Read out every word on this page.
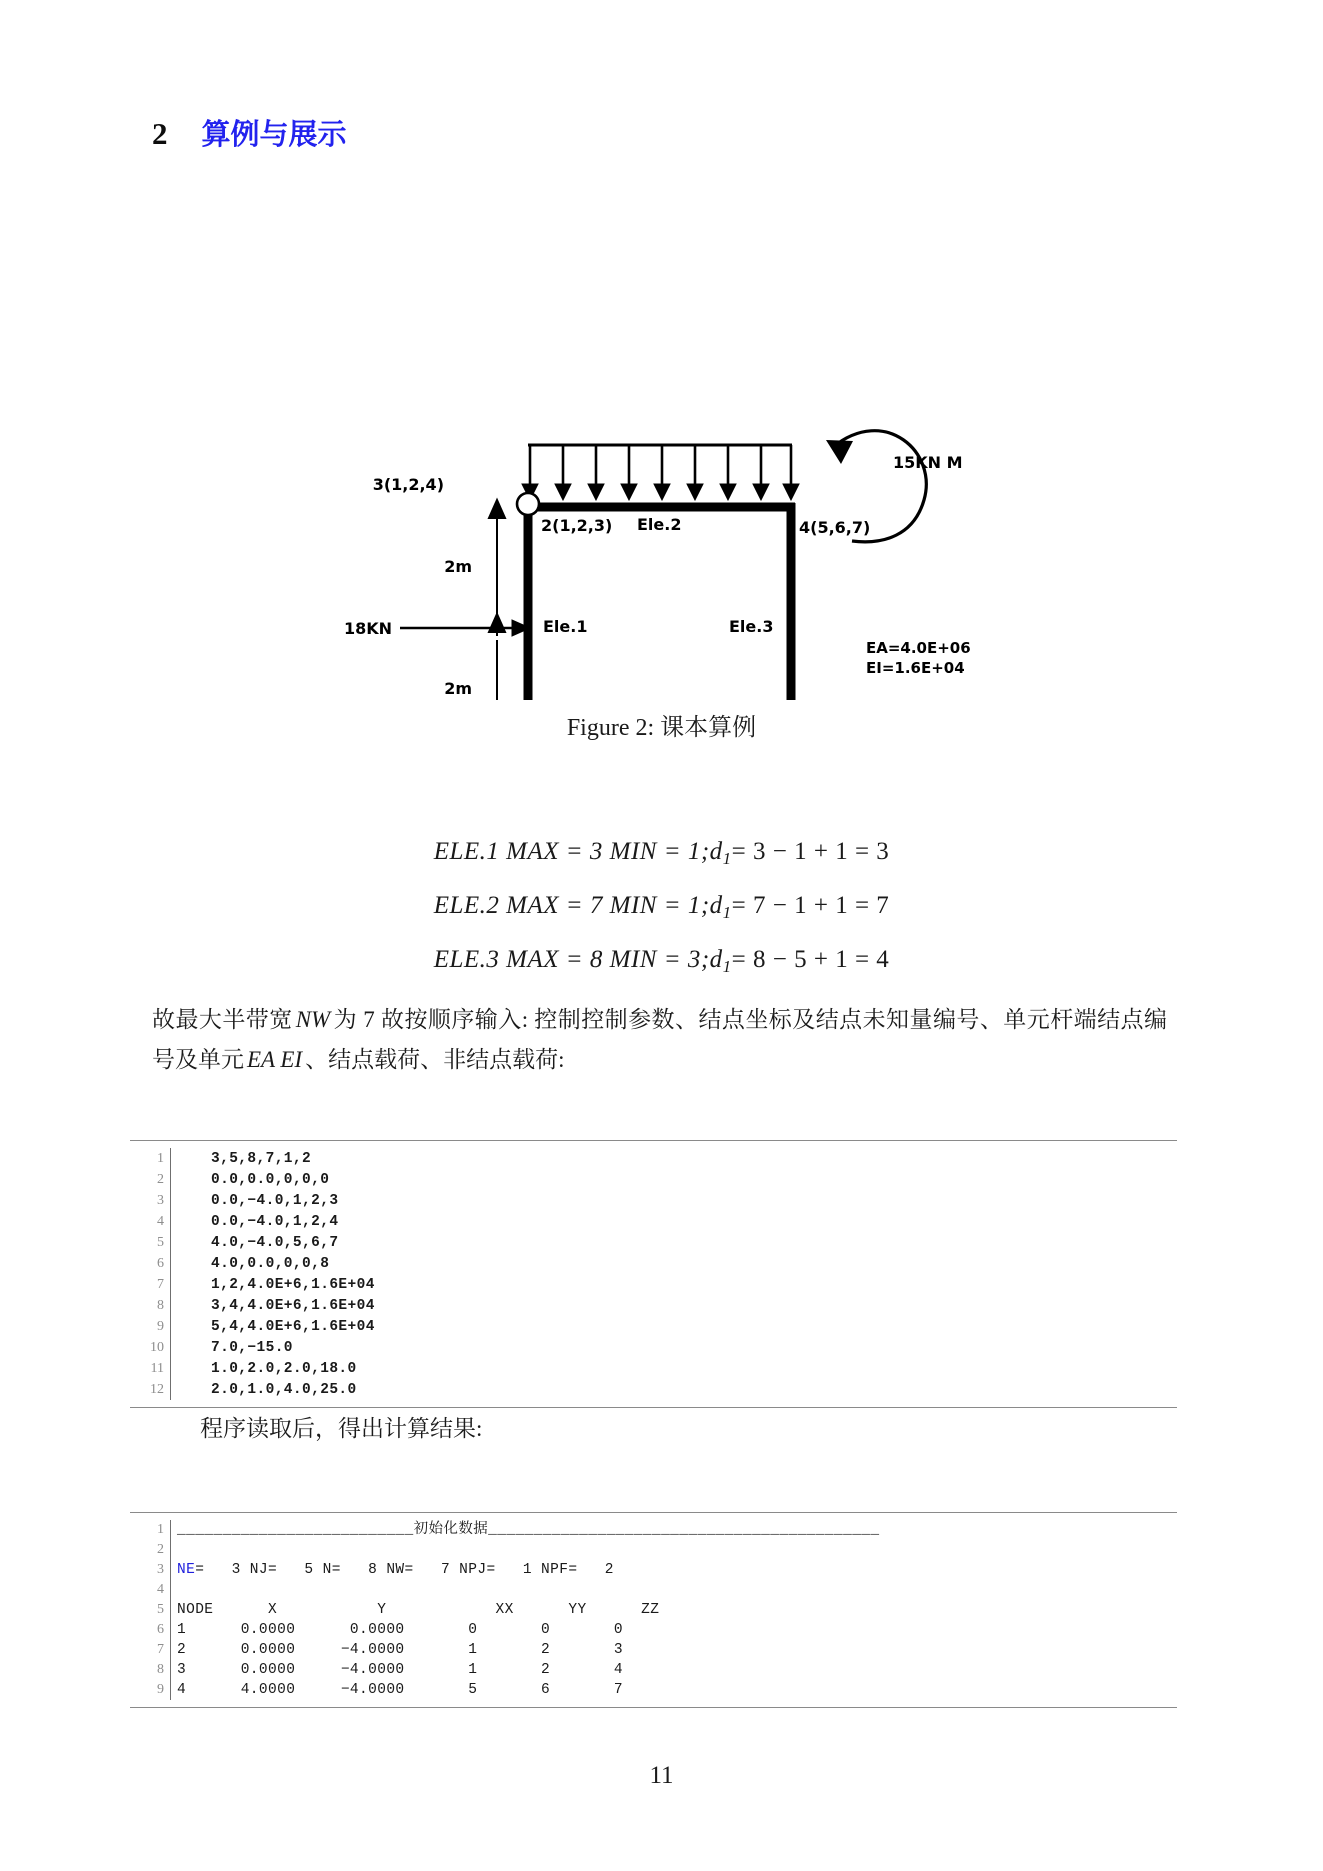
2 算例与展示
3(1,2,4)
2(1,2,3)	4(5,6,7)
Ele.1
Ele.2
Ele.3
15KN M
18KN
2m
2m
EA=4.0E+06
EI=1.6E+04
Figure 2: 课本算例
ELE.1 MAX = 3 MIN = $1;d_1= 3 - 1 + 1 = 3$
ELE.2 MAX = 7 MIN = $1;d_1= 7 - 1 + 1 = 7$
ELE.3 MAX = 8 MIN = $3;d_1= 8 - 5 + 1 = 4$
故最大半带宽 NW 为 7 故按顺序输入: 控制控制参数、结点坐标及结点未知量编号、单元杆端结点编号及单元 EA EI 、结点载荷、非结点载荷:
1	3,5,8,7,1,2
2	0.0,0.0,0,0,0
3	0.0,−4.0,1,2,3
4	0.0,−4.0,1,2,4
5	4.0,−4.0,5,6,7
6	4.0,0.0,0,0,8
7	1,2,4.0E+6,1.6E+04
8	3,4,4.0E+6,1.6E+04
9	5,4,4.0E+6,1.6E+04
10	7.0,−15.0
11	1.0,2.0,2.0,18.0
12	2.0,1.0,4.0,25.0
程序读取后，得出计算结果:
1 __________________________初始化数据___________________________________________
2
3 NE=   3 NJ=   5 N=   8 NW=   7 NPJ=   1 NPF=   2
4
5 NODE      X           Y            XX      YY      ZZ
6 1      0.0000      0.0000       0       0       0
7 2      0.0000     −4.0000       1       2       3
8 3      0.0000     −4.0000       1       2       4
9 4      4.0000     −4.0000       5       6       7
11
